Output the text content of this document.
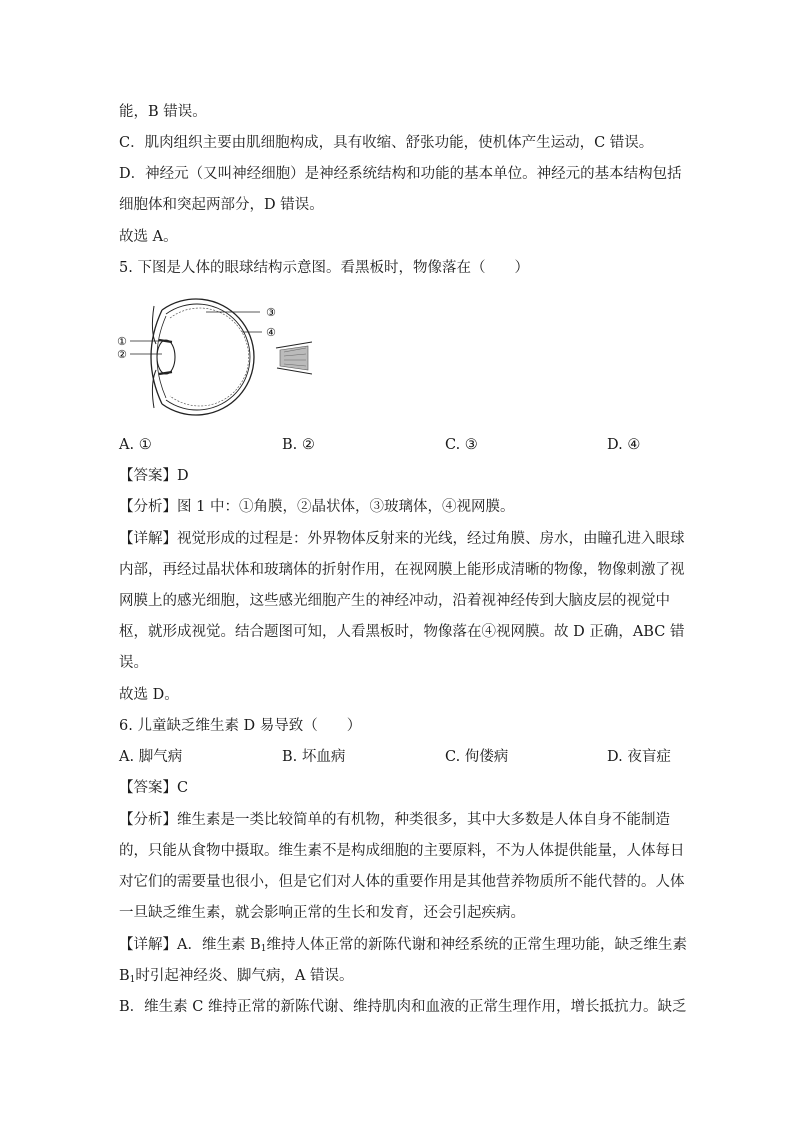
能，B 错误。
C．肌肉组织主要由肌细胞构成，具有收缩、舒张功能，使机体产生运动，C 错误。
D．神经元（又叫神经细胞）是神经系统结构和功能的基本单位。神经元的基本结构包括
细胞体和突起两部分，D 错误。
故选 A。
5. 下图是人体的眼球结构示意图。看黑板时，物像落在（　　）
③
④
①
②
A. ①	B. ②	C. ③	D. ④
【答案】D
【分析】图 1 中：①角膜，②晶状体，③玻璃体，④视网膜。
【详解】视觉形成的过程是：外界物体反射来的光线，经过角膜、房水，由瞳孔进入眼球
内部，再经过晶状体和玻璃体的折射作用，在视网膜上能形成清晰的物像，物像刺激了视
网膜上的感光细胞，这些感光细胞产生的神经冲动，沿着视神经传到大脑皮层的视觉中
枢，就形成视觉。结合题图可知，人看黑板时，物像落在④视网膜。故 D 正确，ABC 错
误。
故选 D。
6. 儿童缺乏维生素 D 易导致（　　）
A. 脚气病	B. 坏血病	C. 佝偻病	D. 夜盲症
【答案】C
【分析】维生素是一类比较简单的有机物，种类很多，其中大多数是人体自身不能制造
的，只能从食物中摄取。维生素不是构成细胞的主要原料，不为人体提供能量，人体每日
对它们的需要量也很小，但是它们对人体的重要作用是其他营养物质所不能代替的。人体
一旦缺乏维生素，就会影响正常的生长和发育，还会引起疾病。
【详解】A．维生素 $B_1$维持人体正常的新陈代谢和神经系统的正常生理功能，缺乏维生素
$B_1$时引起神经炎、脚气病，A 错误。
B．维生素 C 维持正常的新陈代谢、维持肌肉和血液的正常生理作用，增长抵抗力。缺乏
